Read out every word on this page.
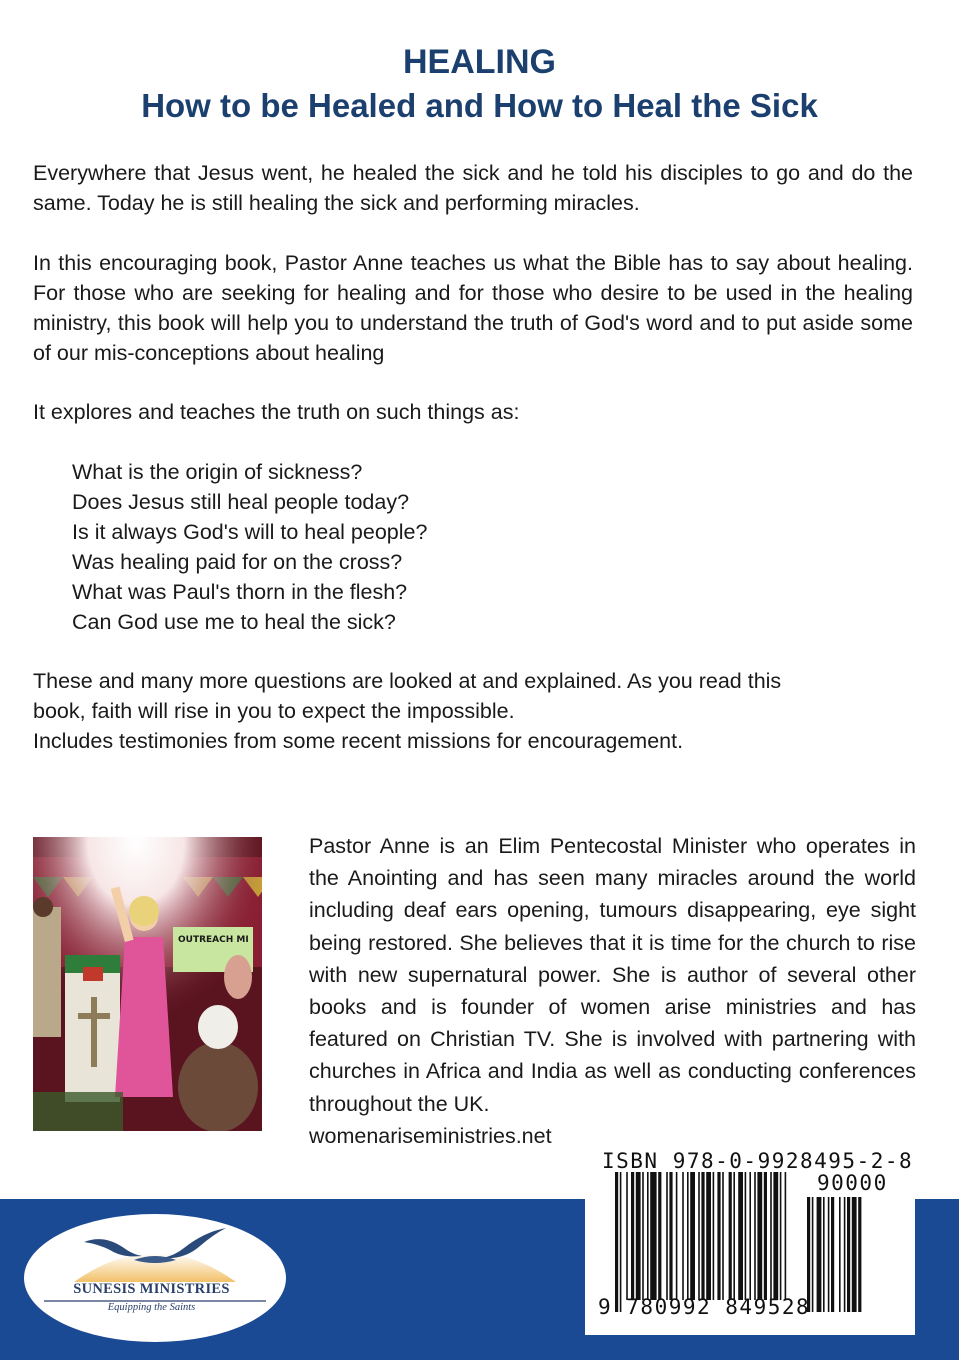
HEALING
How to be Healed and How to Heal the Sick

Everywhere that Jesus went, he healed the sick and he told his disciples to go and do the same. Today he is still healing the sick and performing miracles.

In this encouraging book, Pastor Anne teaches us what the Bible has to say about healing. For those who are seeking for healing and for those who desire to be used in the healing ministry, this book will help you to understand the truth of God's word and to put aside some of our mis-conceptions about healing

It explores and teaches the truth on such things as:

What is the origin of sickness?
Does Jesus still heal people today?
Is it always God's will to heal people?
Was healing paid for on the cross?
What was Paul's thorn in the flesh?
Can God use me to heal the sick?

These and many more questions are looked at and explained. As you read this

book, faith will rise in you to expect the impossible.

Includes testimonies from some recent missions for encouragement.

OUTREACH MI

Pastor Anne is an Elim Pentecostal Minister who operates in the Anointing and has seen many miracles around the world including deaf ears opening, tumours disappearing, eye sight being restored. She believes that it is time for the church to rise with new supernatural power. She is author of several other books and is founder of women arise ministries and has featured on Christian TV. She is involved with partnering with churches in Africa and India as well as conducting conferences throughout the UK.

womenariseministries.net
SUNESIS MINISTRIES
Equipping the Saints
ISBN 978-0-9928495-2-8
90000
9 780992 849528
